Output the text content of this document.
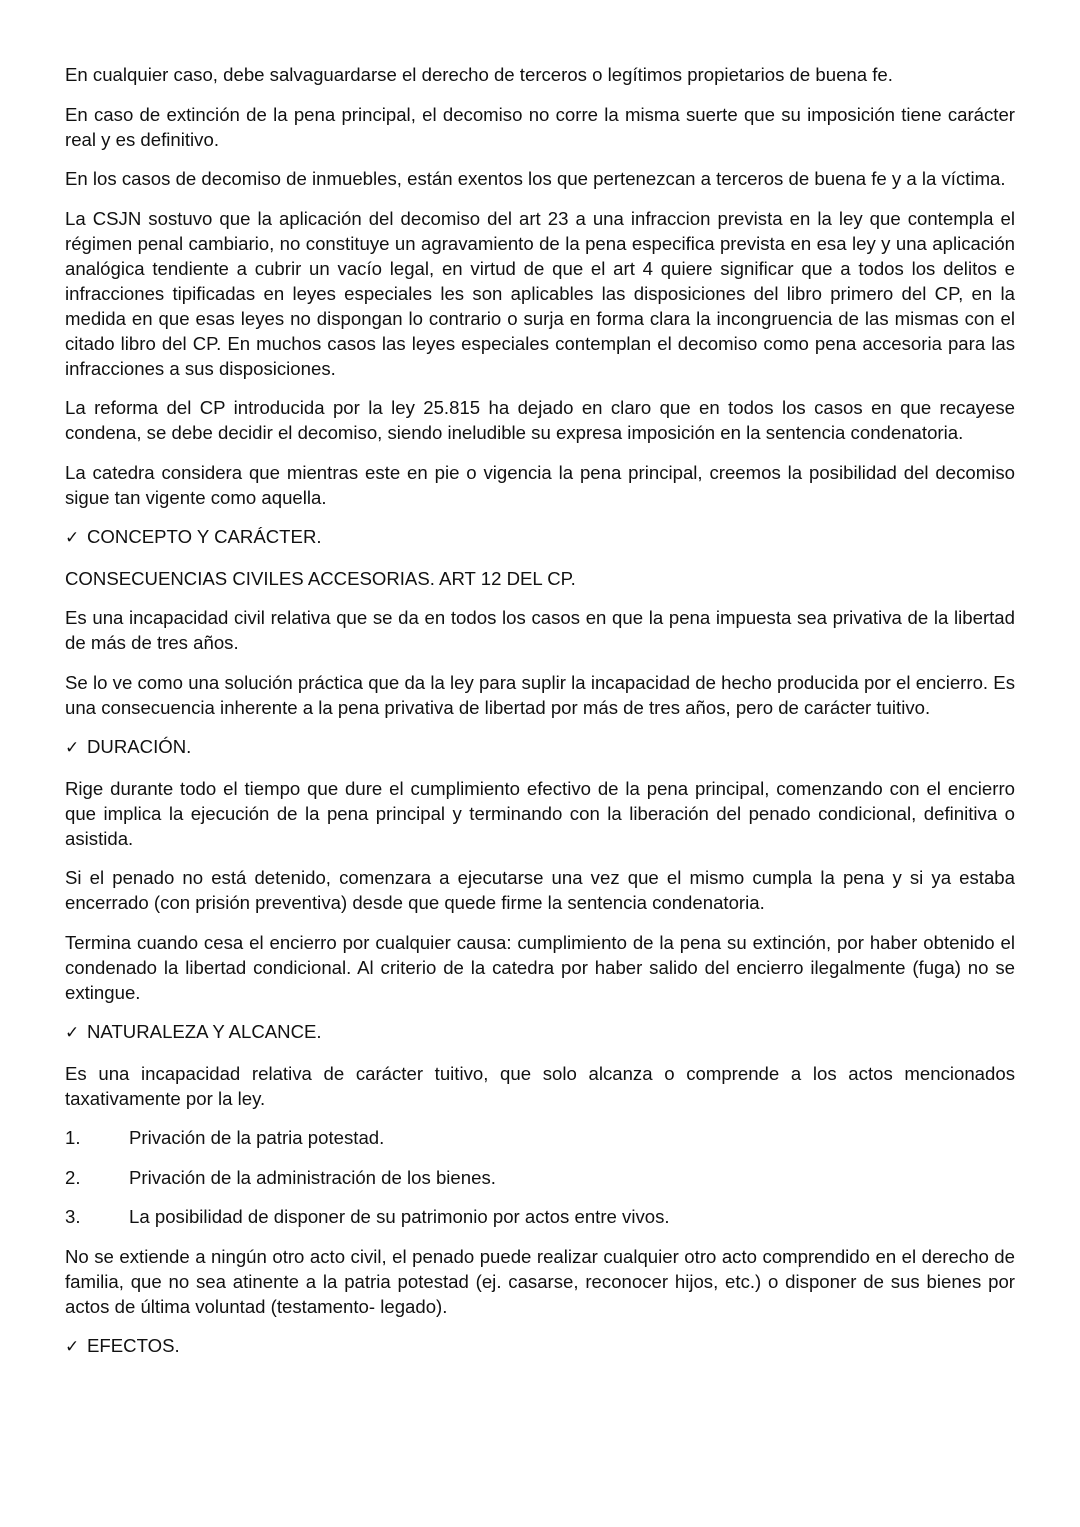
En cualquier caso, debe salvaguardarse el derecho de terceros o legítimos propietarios de buena fe.

En caso de extinción de la pena principal, el decomiso no corre la misma suerte que su imposición tiene carácter real y es definitivo.

En los casos de decomiso de inmuebles, están exentos los que pertenezcan a terceros de buena fe y a la víctima.

La CSJN sostuvo que la aplicación del decomiso del art 23 a una infraccion prevista en la ley que contempla el régimen penal cambiario, no constituye un agravamiento de la pena especifica prevista en esa ley y una aplicación analógica tendiente a cubrir un vacío legal, en virtud de que el art 4 quiere significar que a todos los delitos e infracciones tipificadas en leyes especiales les son aplicables las disposiciones del libro primero del CP, en la medida en que esas leyes no dispongan lo contrario o surja en forma clara la incongruencia de las mismas con el citado libro del CP. En muchos casos las leyes especiales contemplan el decomiso como pena accesoria para las infracciones a sus disposiciones.

La reforma del CP introducida por la ley 25.815 ha dejado en claro que en todos los casos en que recayese condena, se debe decidir el decomiso, siendo ineludible su expresa imposición en la sentencia condenatoria.

La catedra considera que mientras este en pie o vigencia la pena principal, creemos la posibilidad del decomiso sigue tan vigente como aquella.

✓ CONCEPTO Y CARÁCTER.

CONSECUENCIAS CIVILES ACCESORIAS. ART 12 DEL CP.

Es una incapacidad civil relativa que se da en todos los casos en que la pena impuesta sea privativa de la libertad de más de tres años.

Se lo ve como una solución práctica que da la ley para suplir la incapacidad de hecho producida por el encierro. Es una consecuencia inherente a la pena privativa de libertad por más de tres años, pero de carácter tuitivo.

✓ DURACIÓN.

Rige durante todo el tiempo que dure el cumplimiento efectivo de la pena principal, comenzando con el encierro que implica la ejecución de la pena principal y terminando con la liberación del penado condicional, definitiva o asistida.

Si el penado no está detenido, comenzara a ejecutarse una vez que el mismo cumpla la pena y si ya estaba encerrado (con prisión preventiva) desde que quede firme la sentencia condenatoria.

Termina cuando cesa el encierro por cualquier causa: cumplimiento de la pena su extinción, por haber obtenido el condenado la libertad condicional. Al criterio de la catedra por haber salido del encierro ilegalmente (fuga) no se extingue.

✓ NATURALEZA Y ALCANCE.

Es una incapacidad relativa de carácter tuitivo, que solo alcanza o comprende a los actos mencionados taxativamente por la ley.

1.	Privación de la patria potestad.
2.	Privación de la administración de los bienes.
3.	La posibilidad de disponer de su patrimonio por actos entre vivos.

No se extiende a ningún otro acto civil, el penado puede realizar cualquier otro acto comprendido en el derecho de familia, que no sea atinente a la patria potestad (ej. casarse, reconocer hijos, etc.) o disponer de sus bienes por actos de última voluntad (testamento- legado).

✓ EFECTOS.
